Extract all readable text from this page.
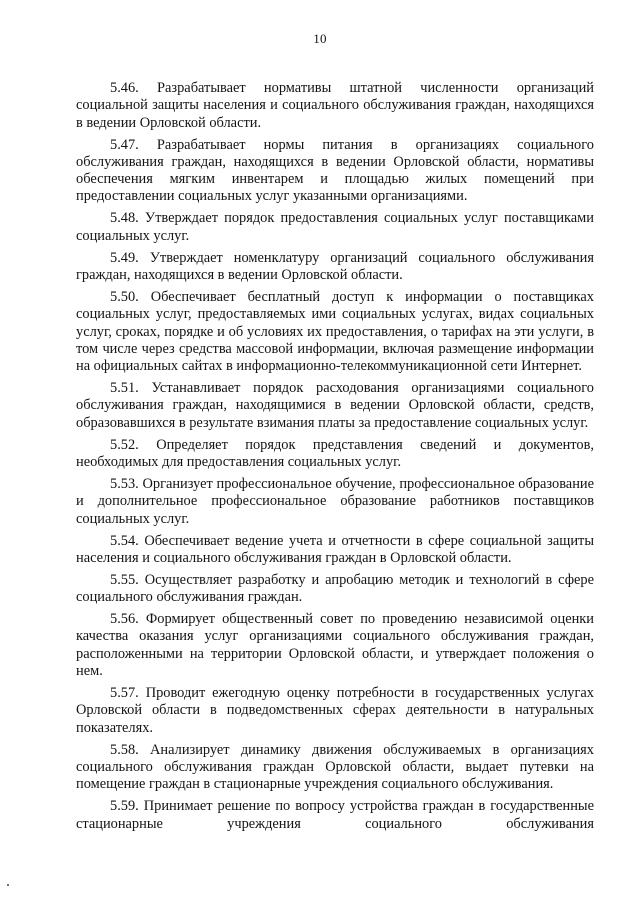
10

5.46. Разрабатывает нормативы штатной численности организаций социальной защиты населения и социального обслуживания граждан, находящихся в ведении Орловской области.

5.47. Разрабатывает нормы питания в организациях социального обслуживания граждан, находящихся в ведении Орловской области, нормативы обеспечения мягким инвентарем и площадью жилых помещений при предоставлении социальных услуг указанными организациями.

5.48. Утверждает порядок предоставления социальных услуг поставщиками социальных услуг.

5.49. Утверждает номенклатуру организаций социального обслуживания граждан, находящихся в ведении Орловской области.

5.50. Обеспечивает бесплатный доступ к информации о поставщиках социальных услуг, предоставляемых ими социальных услугах, видах социальных услуг, сроках, порядке и об условиях их предоставления, о тарифах на эти услуги, в том числе через средства массовой информации, включая размещение информации на официальных сайтах в информационно-телекоммуникационной сети Интернет.

5.51. Устанавливает порядок расходования организациями социального обслуживания граждан, находящимися в ведении Орловской области, средств, образовавшихся в результате взимания платы за предоставление социальных услуг.

5.52. Определяет порядок представления сведений и документов, необходимых для предоставления социальных услуг.

5.53. Организует профессиональное обучение, профессиональное образование и дополнительное профессиональное образование работников поставщиков социальных услуг.

5.54. Обеспечивает ведение учета и отчетности в сфере социальной защиты населения и социального обслуживания граждан в Орловской области.

5.55. Осуществляет разработку и апробацию методик и технологий в сфере социального обслуживания граждан.

5.56. Формирует общественный совет по проведению независимой оценки качества оказания услуг организациями социального обслуживания граждан, расположенными на территории Орловской области, и утверждает положения о нем.

5.57. Проводит ежегодную оценку потребности в государственных услугах Орловской области в подведомственных сферах деятельности в натуральных показателях.

5.58. Анализирует динамику движения обслуживаемых в организациях социального обслуживания граждан Орловской области, выдает путевки на помещение граждан в стационарные учреждения социального обслуживания.

5.59. Принимает решение по вопросу устройства граждан в государственные стационарные учреждения социального обслуживания
